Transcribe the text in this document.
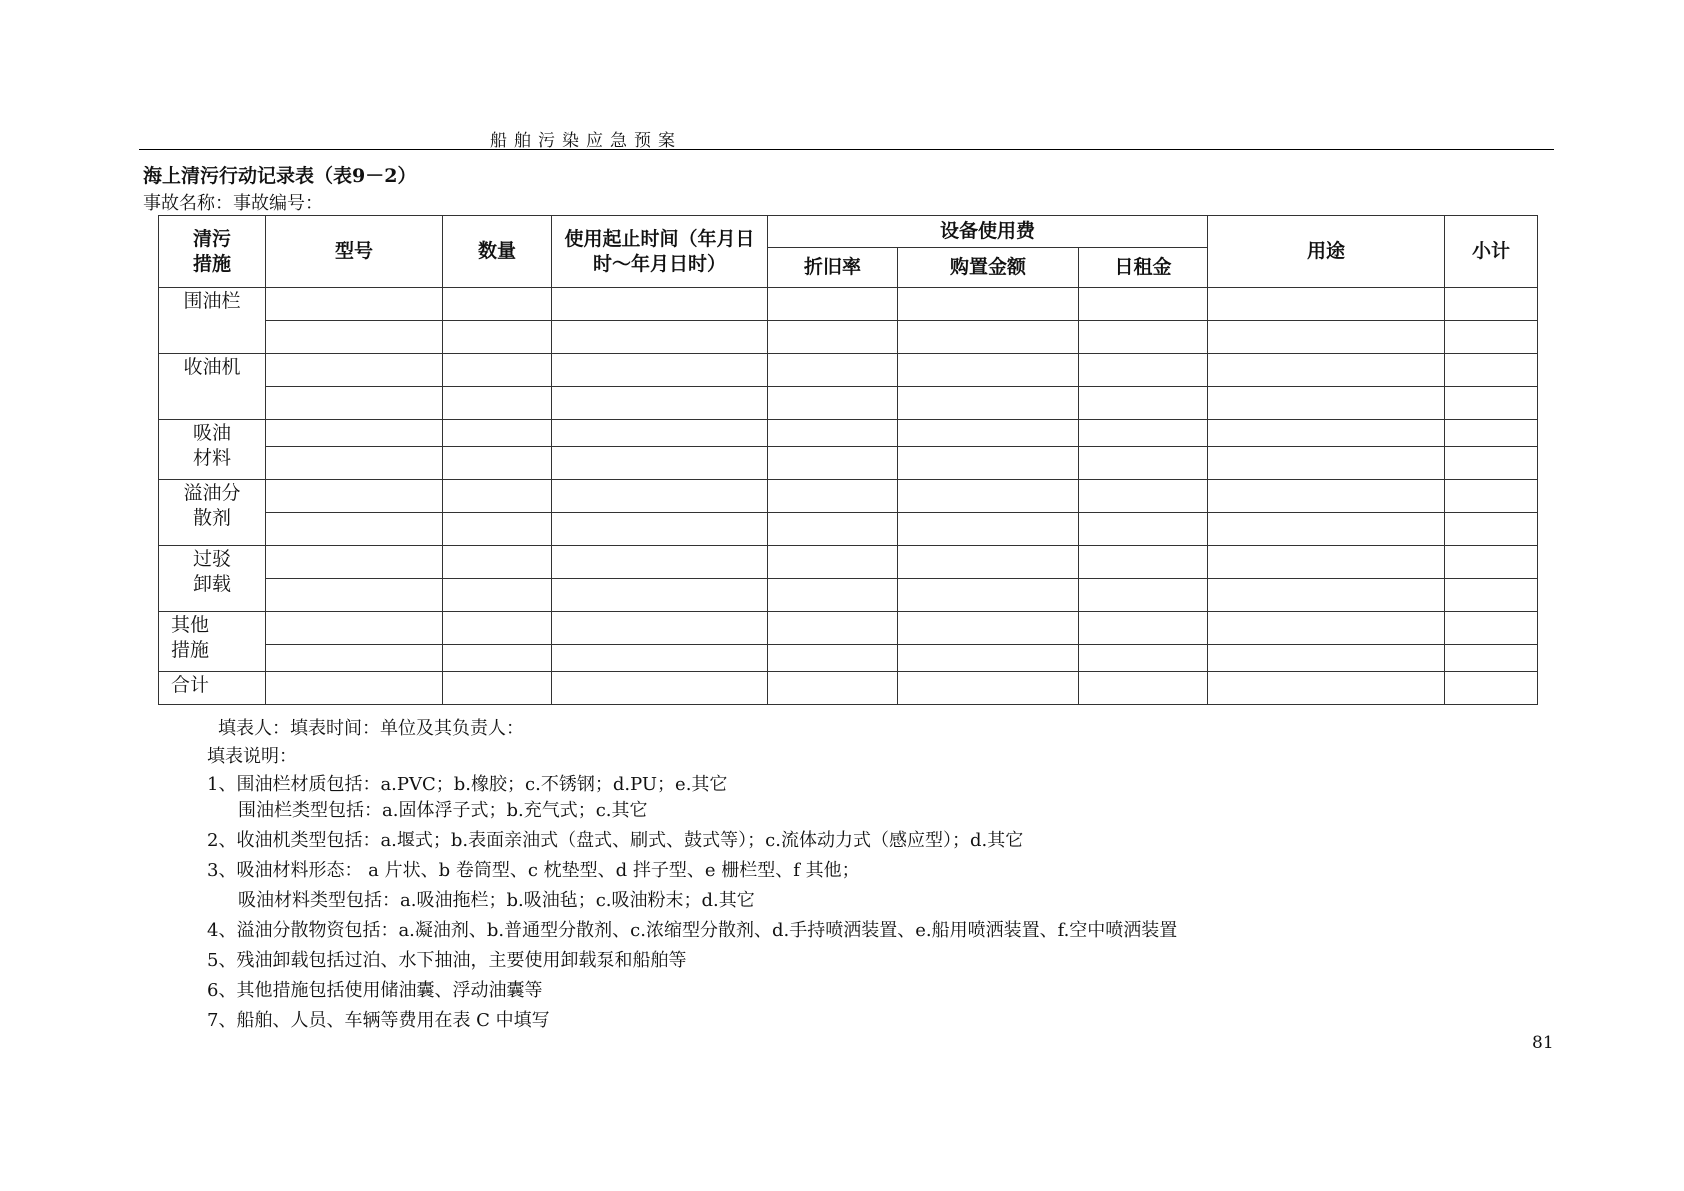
船舶污染应急预案
海上清污行动记录表（表9－2）
事故名称：事故编号：
清污
措施	型号	数量	使用起止时间（年月日时～年月日时）	设备使用费			用途	小计
				折旧率	购置金额	日租金		
围油栏								

收油机								

吸油
材料								

溢油分
散剂								

过驳
卸载								

其他
措施								

合计								
填表人：填表时间：单位及其负责人：
填表说明：
1、围油栏材质包括：a.PVC；b.橡胶；c.不锈钢；d.PU；e.其它
围油栏类型包括：a.固体浮子式；b.充气式；c.其它
2、收油机类型包括：a.堰式；b.表面亲油式（盘式、刷式、鼓式等）；c.流体动力式（感应型）；d.其它
3、吸油材料形态： a 片状、b 卷筒型、c 枕垫型、d 拌子型、e 栅栏型、f 其他；
吸油材料类型包括：a.吸油拖栏；b.吸油毡；c.吸油粉末；d.其它
4、溢油分散物资包括：a.凝油剂、b.普通型分散剂、c.浓缩型分散剂、d.手持喷洒装置、e.船用喷洒装置、f.空中喷洒装置
5、残油卸载包括过泊、水下抽油，主要使用卸载泵和船舶等
6、其他措施包括使用储油囊、浮动油囊等
7、船舶、人员、车辆等费用在表 C 中填写
81
